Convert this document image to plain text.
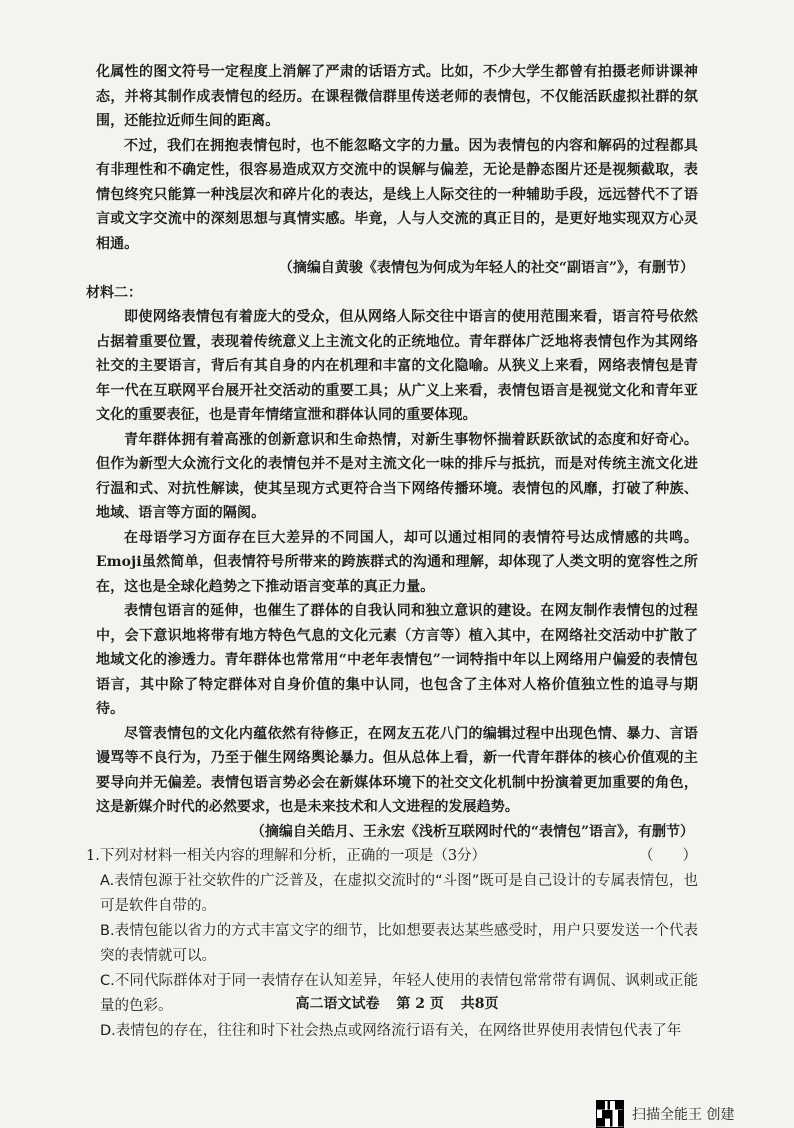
化属性的图文符号一定程度上消解了严肃的话语方式。比如，不少大学生都曾有拍摄老师讲课神态，并将其制作成表情包的经历。在课程微信群里传送老师的表情包，不仅能活跃虚拟社群的氛围，还能拉近师生间的距离。

不过，我们在拥抱表情包时，也不能忽略文字的力量。因为表情包的内容和解码的过程都具有非理性和不确定性，很容易造成双方交流中的误解与偏差，无论是静态图片还是视频截取，表情包终究只能算一种浅层次和碎片化的表达，是线上人际交往的一种辅助手段，远远替代不了语言或文字交流中的深刻思想与真情实感。毕竟，人与人交流的真正目的，是更好地实现双方心灵相通。

（摘编自黄骏《表情包为何成为年轻人的社交“副语言”》，有删节）

材料二：

即使网络表情包有着庞大的受众，但从网络人际交往中语言的使用范围来看，语言符号依然占据着重要位置，表现着传统意义上主流文化的正统地位。青年群体广泛地将表情包作为其网络社交的主要语言，背后有其自身的内在机理和丰富的文化隐喻。从狭义上来看，网络表情包是青年一代在互联网平台展开社交活动的重要工具；从广义上来看，表情包语言是视觉文化和青年亚文化的重要表征，也是青年情绪宣泄和群体认同的重要体现。

青年群体拥有着高涨的创新意识和生命热情，对新生事物怀揣着跃跃欲试的态度和好奇心。但作为新型大众流行文化的表情包并不是对主流文化一味的排斥与抵抗，而是对传统主流文化进行温和式、对抗性解读，使其呈现方式更符合当下网络传播环境。表情包的风靡，打破了种族、地域、语言等方面的隔阂。

在母语学习方面存在巨大差异的不同国人，却可以通过相同的表情符号达成情感的共鸣。Emoji虽然简单，但表情符号所带来的跨族群式的沟通和理解，却体现了人类文明的宽容性之所在，这也是全球化趋势之下推动语言变革的真正力量。

表情包语言的延伸，也催生了群体的自我认同和独立意识的建设。在网友制作表情包的过程中，会下意识地将带有地方特色气息的文化元素（方言等）植入其中，在网络社交活动中扩散了地域文化的渗透力。青年群体也常常用“中老年表情包”一词特指中年以上网络用户偏爱的表情包语言，其中除了特定群体对自身价值的集中认同，也包含了主体对人格价值独立性的追寻与期待。

尽管表情包的文化内蕴依然有待修正，在网友五花八门的编辑过程中出现色情、暴力、言语谩骂等不良行为，乃至于催生网络舆论暴力。但从总体上看，新一代青年群体的核心价值观的主要导向并无偏差。表情包语言势必会在新媒体环境下的社交文化机制中扮演着更加重要的角色，这是新媒介时代的必然要求，也是未来技术和人文进程的发展趋势。

（摘编自关皓月、王永宏《浅析互联网时代的“表情包”语言》，有删节）

1.下列对材料一相关内容的理解和分析，正确的一项是（3分）	（　　）

A.表情包源于社交软件的广泛普及，在虚拟交流时的“斗图”既可是自己设计的专属表情包，也可是软件自带的。

B.表情包能以省力的方式丰富文字的细节，比如想要表达某些感受时，用户只要发送一个代表突的表情就可以。

C.不同代际群体对于同一表情存在认知差异，年轻人使用的表情包常常带有调侃、讽刺或正能量的色彩。

D.表情包的存在，往往和时下社会热点或网络流行语有关，在网络世界使用表情包代表了年

高二语文试卷 第 2 页 共8页
扫描全能王 创建
